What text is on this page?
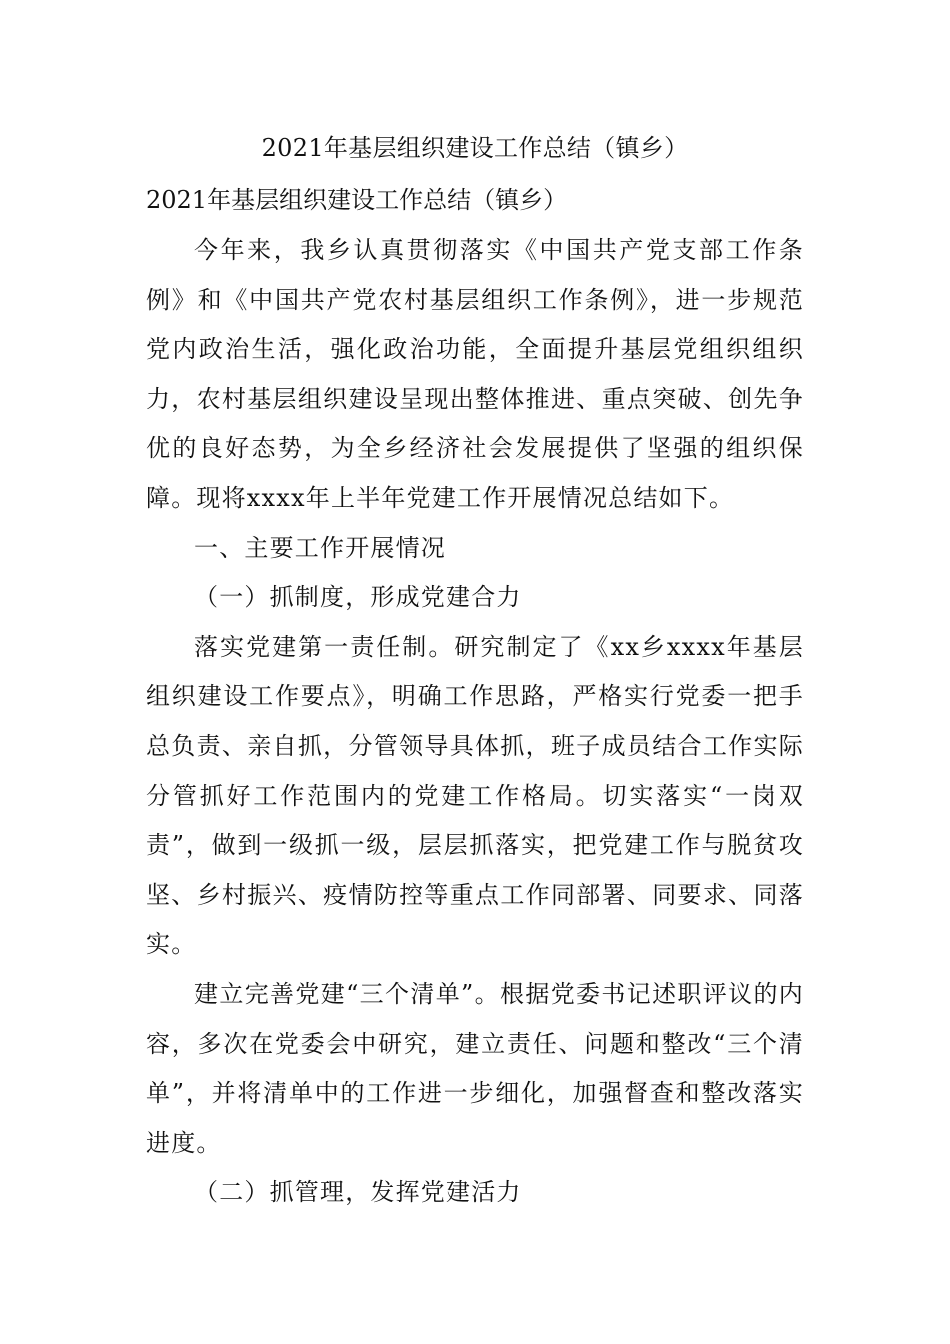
2021年基层组织建设工作总结（镇乡）
2021年基层组织建设工作总结（镇乡）

今年来，我乡认真贯彻落实《中国共产党支部工作条例》和《中国共产党农村基层组织工作条例》，进一步规范党内政治生活，强化政治功能，全面提升基层党组织组织力，农村基层组织建设呈现出整体推进、重点突破、创先争优的良好态势，为全乡经济社会发展提供了坚强的组织保障。现将xxxx年上半年党建工作开展情况总结如下。

一、主要工作开展情况

（一）抓制度，形成党建合力

落实党建第一责任制。研究制定了《xx乡xxxx年基层组织建设工作要点》，明确工作思路，严格实行党委一把手总负责、亲自抓，分管领导具体抓，班子成员结合工作实际分管抓好工作范围内的党建工作格局。切实落实“一岗双责”，做到一级抓一级，层层抓落实，把党建工作与脱贫攻坚、乡村振兴、疫情防控等重点工作同部署、同要求、同落实。

建立完善党建“三个清单”。根据党委书记述职评议的内容，多次在党委会中研究，建立责任、问题和整改“三个清单”，并将清单中的工作进一步细化，加强督查和整改落实进度。

（二）抓管理，发挥党建活力
